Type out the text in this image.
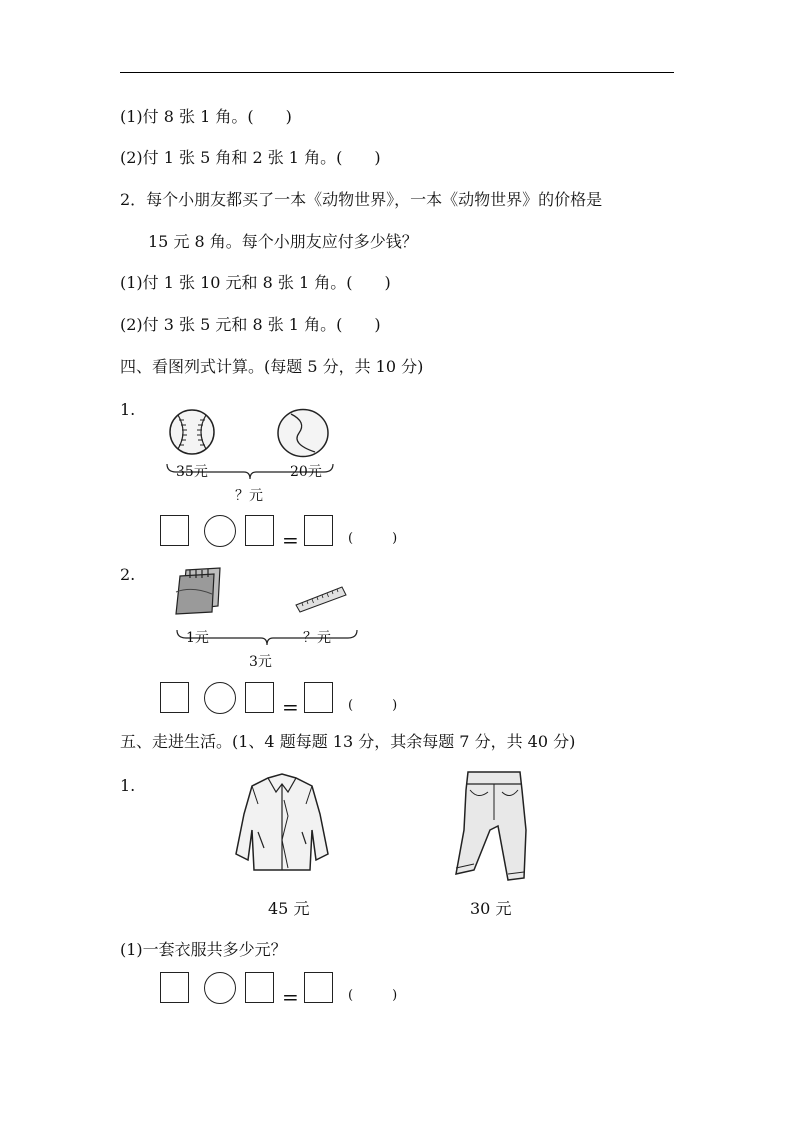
(1)付 8 张 1 角。(　　)
(2)付 1 张 5 角和 2 张 1 角。(　　)
2．每个小朋友都买了一本《动物世界》，一本《动物世界》的价格是
15 元 8 角。每个小朋友应付多少钱？
(1)付 1 张 10 元和 8 张 1 角。(　　)
(2)付 3 张 5 元和 8 张 1 角。(　　)
四、看图列式计算。(每题 5 分，共 10 分)
1.
35元	20元
？元
=	(　　　)
2.
1元	？元
3元
=	(　　　)
五、走进生活。(1、4 题每题 13 分，其余每题 7 分，共 40 分)
1.
45 元	30 元
(1)一套衣服共多少元？
=	(　　　)
